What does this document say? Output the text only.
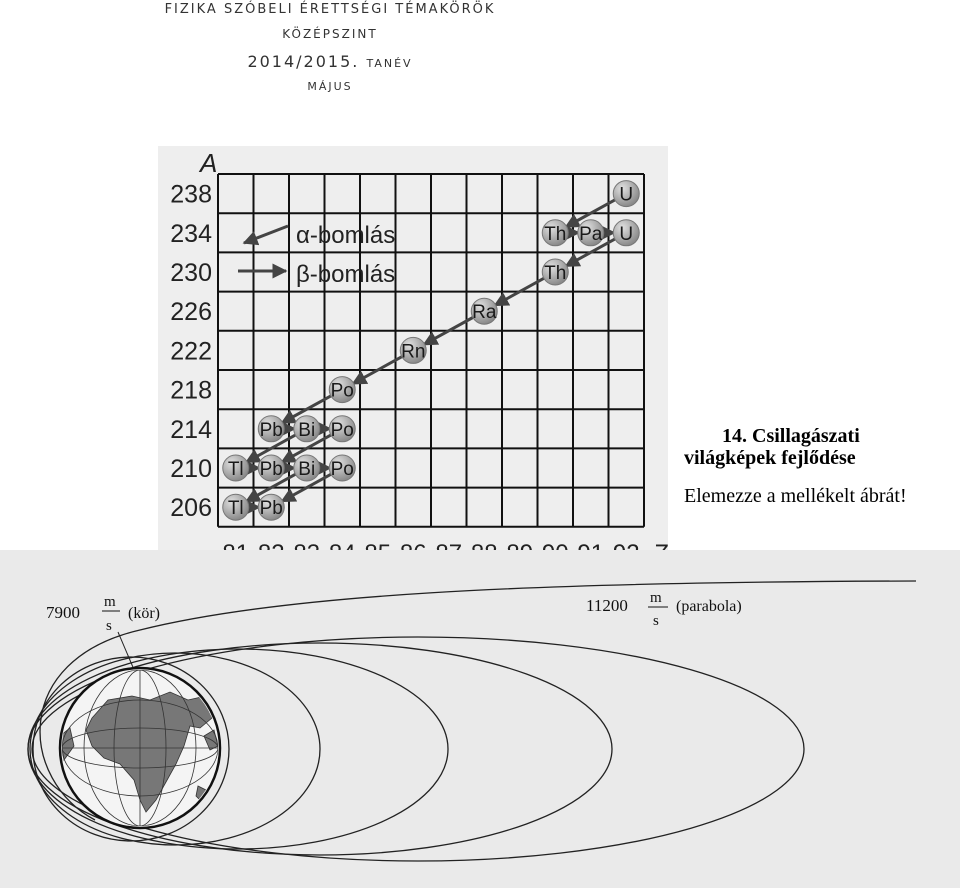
FIZIKA SZÓBELI ÉRETTSÉGI TÉMAKÖRÖK
KÖZÉPSZINT
2014/2015. TANÉV
MÁJUS
238
234
230
226
222
218
214
210
206
A
α-bomlás
β-bomlás
U
Th Pa U
Th
Ra
Rn
Po
Pb Bi Po
Tl Pb Bi Po
Tl Pb
14. Csillagászati
világképek fejlődése
Elemezze a mellékelt ábrát!
7900
m
s
(kör)	11200 m
s
(parabola)
